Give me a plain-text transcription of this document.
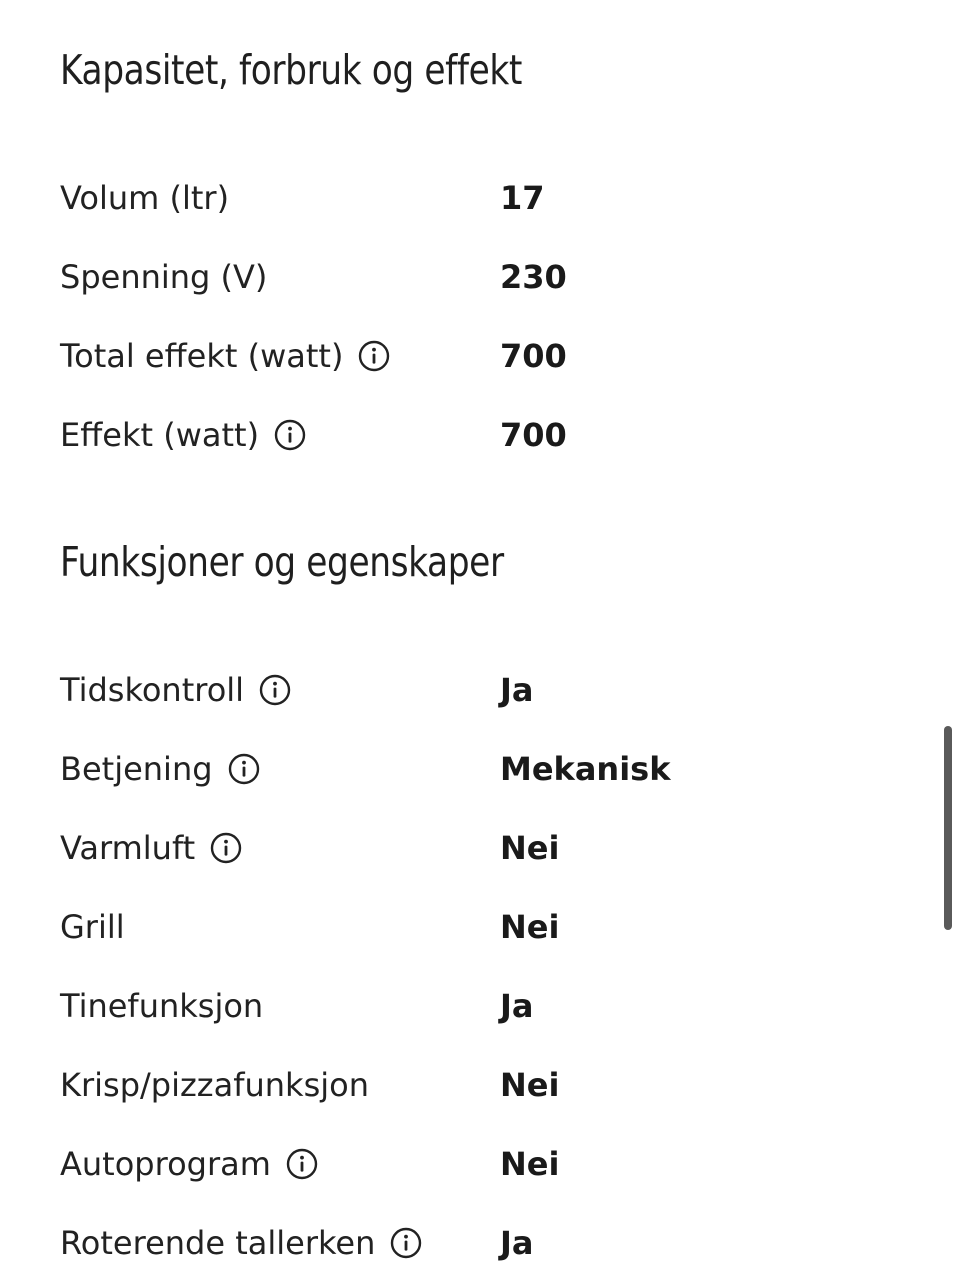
Kapasitet, forbruk og effekt
Volum (ltr)	17
Spenning (V)	230
Total effekt (watt)	700
Effekt (watt)	700
Funksjoner og egenskaper
Tidskontroll	Ja
Betjening	Mekanisk
Varmluft	Nei
Grill	Nei
Tinefunksjon	Ja
Krisp/pizzafunksjon	Nei
Autoprogram	Nei
Roterende tallerken	Ja
